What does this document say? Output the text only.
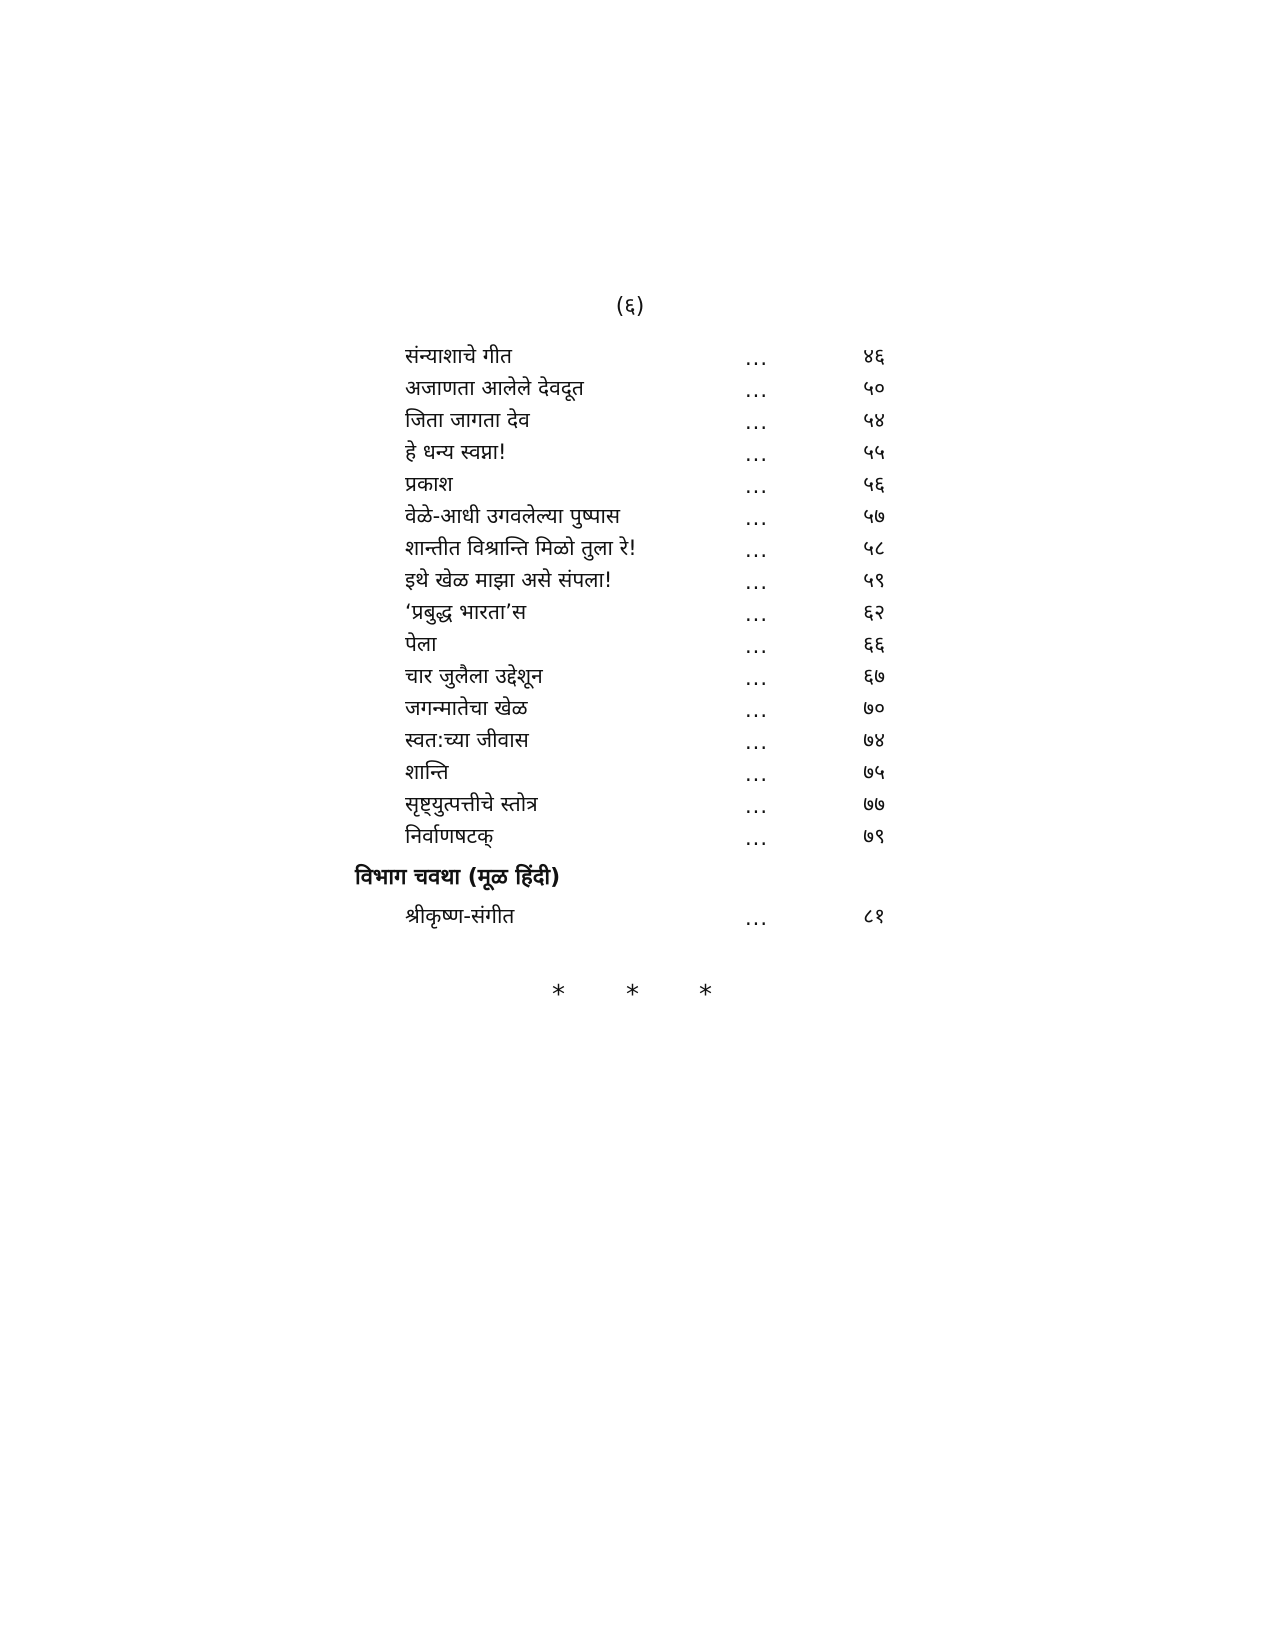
(६)
संन्याशाचे गीत	...	४६
अजाणता आलेले देवदूत	...	५०
जिता जागता देव	...	५४
हे धन्य स्वप्ना!	...	५५
प्रकाश	...	५६
वेळे-आधी उगवलेल्या पुष्पास	...	५७
शान्तीत विश्रान्ति मिळो तुला रे!	...	५८
इथे खेळ माझा असे संपला!	...	५९
‘प्रबुद्ध भारता’स	...	६२
पेला	...	६६
चार जुलैला उद्देशून	...	६७
जगन्मातेचा खेळ	...	७०
स्वत:च्या जीवास	...	७४
शान्ति	...	७५
सृष्ट्युत्पत्तीचे स्तोत्र	...	७७
निर्वाणषटक्	...	७९
विभाग चवथा (मूळ हिंदी)
श्रीकृष्ण-संगीत	...	८१
* * *
